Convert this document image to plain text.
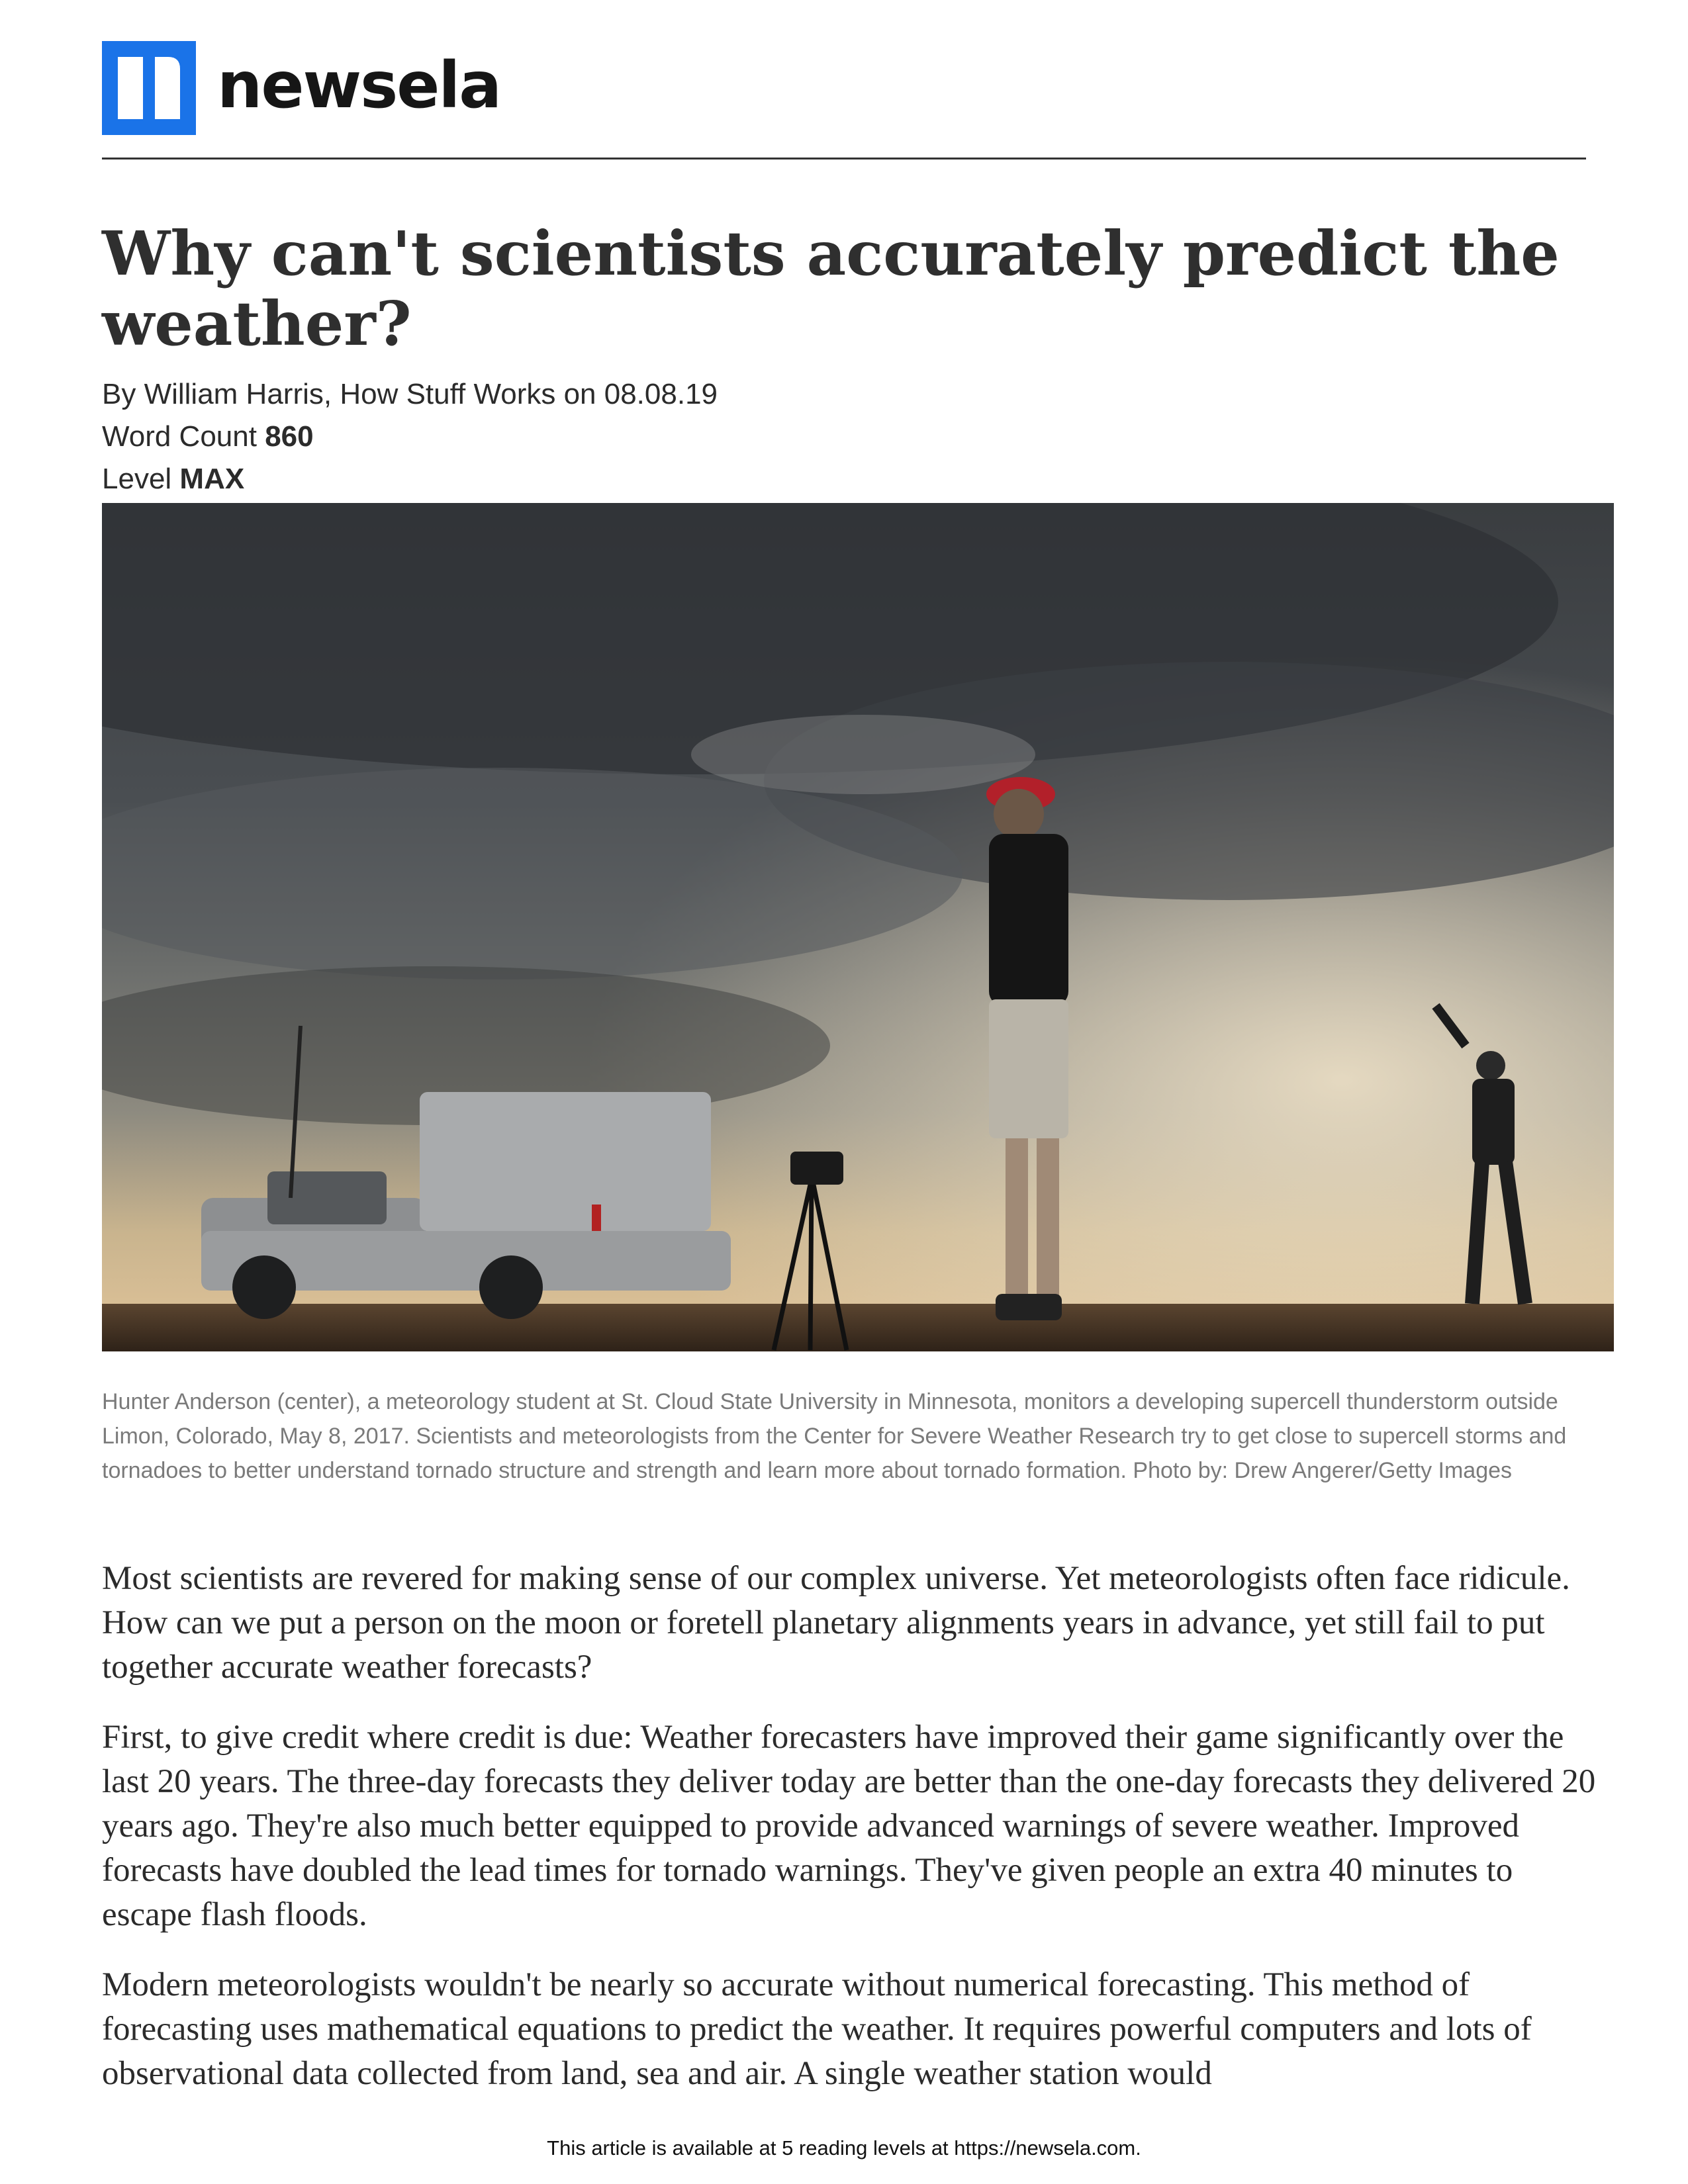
newsela
Why can't scientists accurately predict the weather?
By William Harris, How Stuff Works on 08.08.19
Word Count 860
Level MAX

Hunter Anderson (center), a meteorology student at St. Cloud State University in Minnesota, monitors a developing supercell thunderstorm outside Limon, Colorado, May 8, 2017. Scientists and meteorologists from the Center for Severe Weather Research try to get close to supercell storms and tornadoes to better understand tornado structure and strength and learn more about tornado formation. Photo by: Drew Angerer/Getty Images

Most scientists are revered for making sense of our complex universe. Yet meteorologists often face ridicule. How can we put a person on the moon or foretell planetary alignments years in advance, yet still fail to put together accurate weather forecasts?

First, to give credit where credit is due: Weather forecasters have improved their game significantly over the last 20 years. The three-day forecasts they deliver today are better than the one-day forecasts they delivered 20 years ago. They're also much better equipped to provide advanced warnings of severe weather. Improved forecasts have doubled the lead times for tornado warnings. They've given people an extra 40 minutes to escape flash floods.

Modern meteorologists wouldn't be nearly so accurate without numerical forecasting. This method of forecasting uses mathematical equations to predict the weather. It requires powerful computers and lots of observational data collected from land, sea and air. A single weather station would

This article is available at 5 reading levels at https://newsela.com.
